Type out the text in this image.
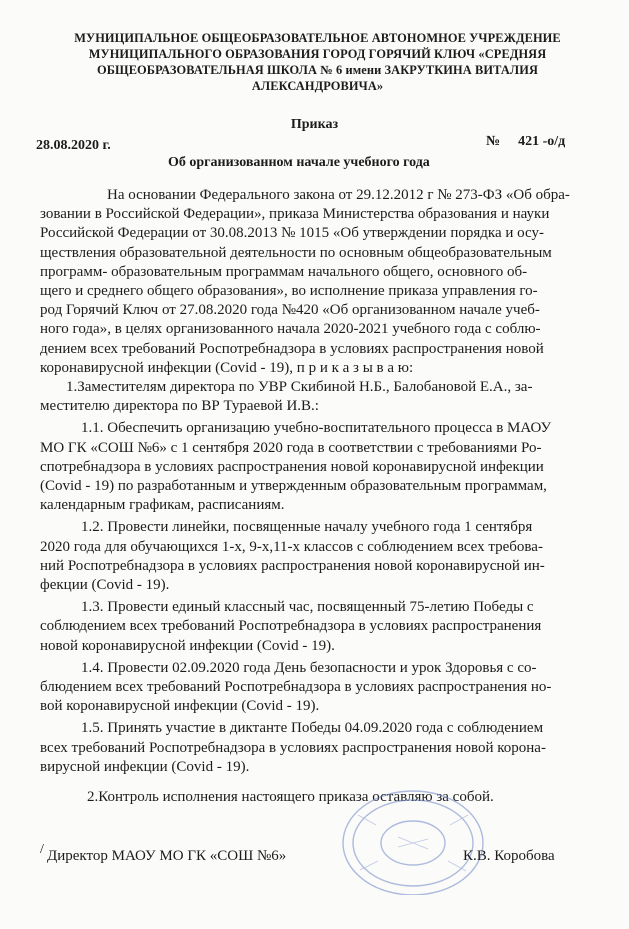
МУНИЦИПАЛЬНОЕ ОБЩЕОБРАЗОВАТЕЛЬНОЕ АВТОНОМНОЕ УЧРЕЖДЕНИЕ
МУНИЦИПАЛЬНОГО ОБРАЗОВАНИЯ ГОРОД ГОРЯЧИЙ КЛЮЧ «СРЕДНЯЯ
ОБЩЕОБРАЗОВАТЕЛЬНАЯ ШКОЛА № 6 имени ЗАКРУТКИНА ВИТАЛИЯ
АЛЕКСАНДРОВИЧА»
Приказ
28.08.2020 г.	№ 421 -о/д
Об организованном начале учебного года
На основании Федерального закона от 29.12.2012 г № 273-ФЗ «Об обра-
зовании в Российской Федерации», приказа Министерства образования и науки
Российской Федерации от 30.08.2013 № 1015 «Об утверждении порядка и осу-
ществления образовательной деятельности по основным общеобразовательным
программ- образовательным программам начального общего, основного об-
щего и среднего общего образования», во исполнение приказа управления го-
род Горячий Ключ от 27.08.2020 года №420 «Об организованном начале учеб-
ного года», в целях организованного начала 2020-2021 учебного года с соблю-
дением всех требований Роспотребнадзора в условиях распространения новой
коронавирусной инфекции (Covid - 19), п р и к а з ы в а ю:
1.Заместителям директора по УВР Скибиной Н.Б., Балобановой Е.А., за-
местителю директора по ВР Тураевой И.В.:
1.1. Обеспечить организацию учебно-воспитательного процесса в МАОУ
МО ГК «СОШ №6» с 1 сентября 2020 года в соответствии с требованиями Ро-
спотребнадзора в условиях распространения новой коронавирусной инфекции
(Covid - 19) по разработанным и утвержденным образовательным программам,
календарным графикам, расписаниям.
1.2. Провести линейки, посвященные началу учебного года 1 сентября
2020 года для обучающихся 1-х, 9-х,11-х классов с соблюдением всех требова-
ний Роспотребнадзора в условиях распространения новой коронавирусной ин-
фекции (Covid - 19).
1.3. Провести единый классный час, посвященный 75-летию Победы с
соблюдением всех требований Роспотребнадзора в условиях распространения
новой коронавирусной инфекции (Covid - 19).
1.4. Провести 02.09.2020 года День безопасности и урок Здоровья с со-
блюдением всех требований Роспотребнадзора в условиях распространения но-
вой коронавирусной инфекции (Covid - 19).
1.5. Принять участие в диктанте Победы 04.09.2020 года с соблюдением
всех требований Роспотребнадзора в условиях распространения новой корона-
вирусной инфекции (Covid - 19).
2.Контроль исполнения настоящего приказа оставляю за собой.
/ Директор МАОУ МО ГК «СОШ №6»	К.В. Коробова
